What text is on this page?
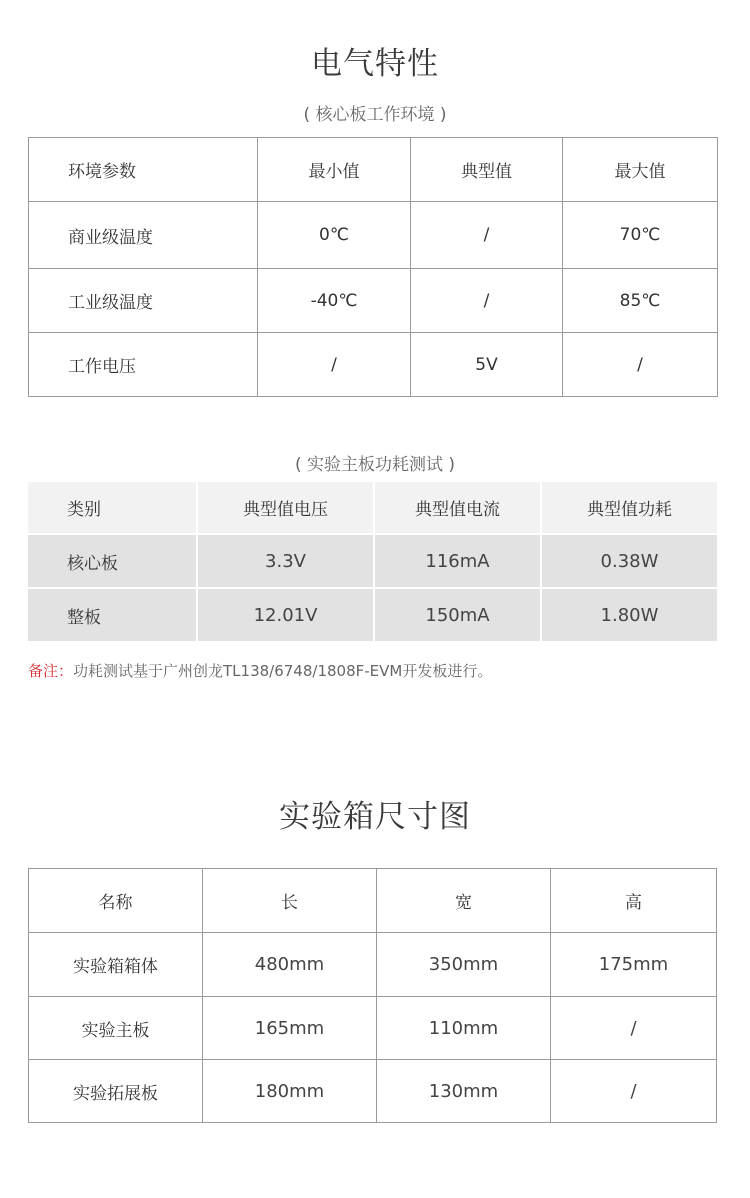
电气特性
( 核心板工作环境 )
环境参数	最小值	典型值	最大值
商业级温度	0℃	/	70℃
工业级温度	-40℃	/	85℃
工作电压	/	5V	/
( 实验主板功耗测试 )
类别	典型值电压	典型值电流	典型值功耗
核心板	3.3V	116mA	0.38W
整板	12.01V	150mA	1.80W
备注：功耗测试基于广州创龙TL138/6748/1808F-EVM开发板进行。
实验箱尺寸图
名称	长	宽	高
实验箱箱体	480mm	350mm	175mm
实验主板	165mm	110mm	/
实验拓展板	180mm	130mm	/
